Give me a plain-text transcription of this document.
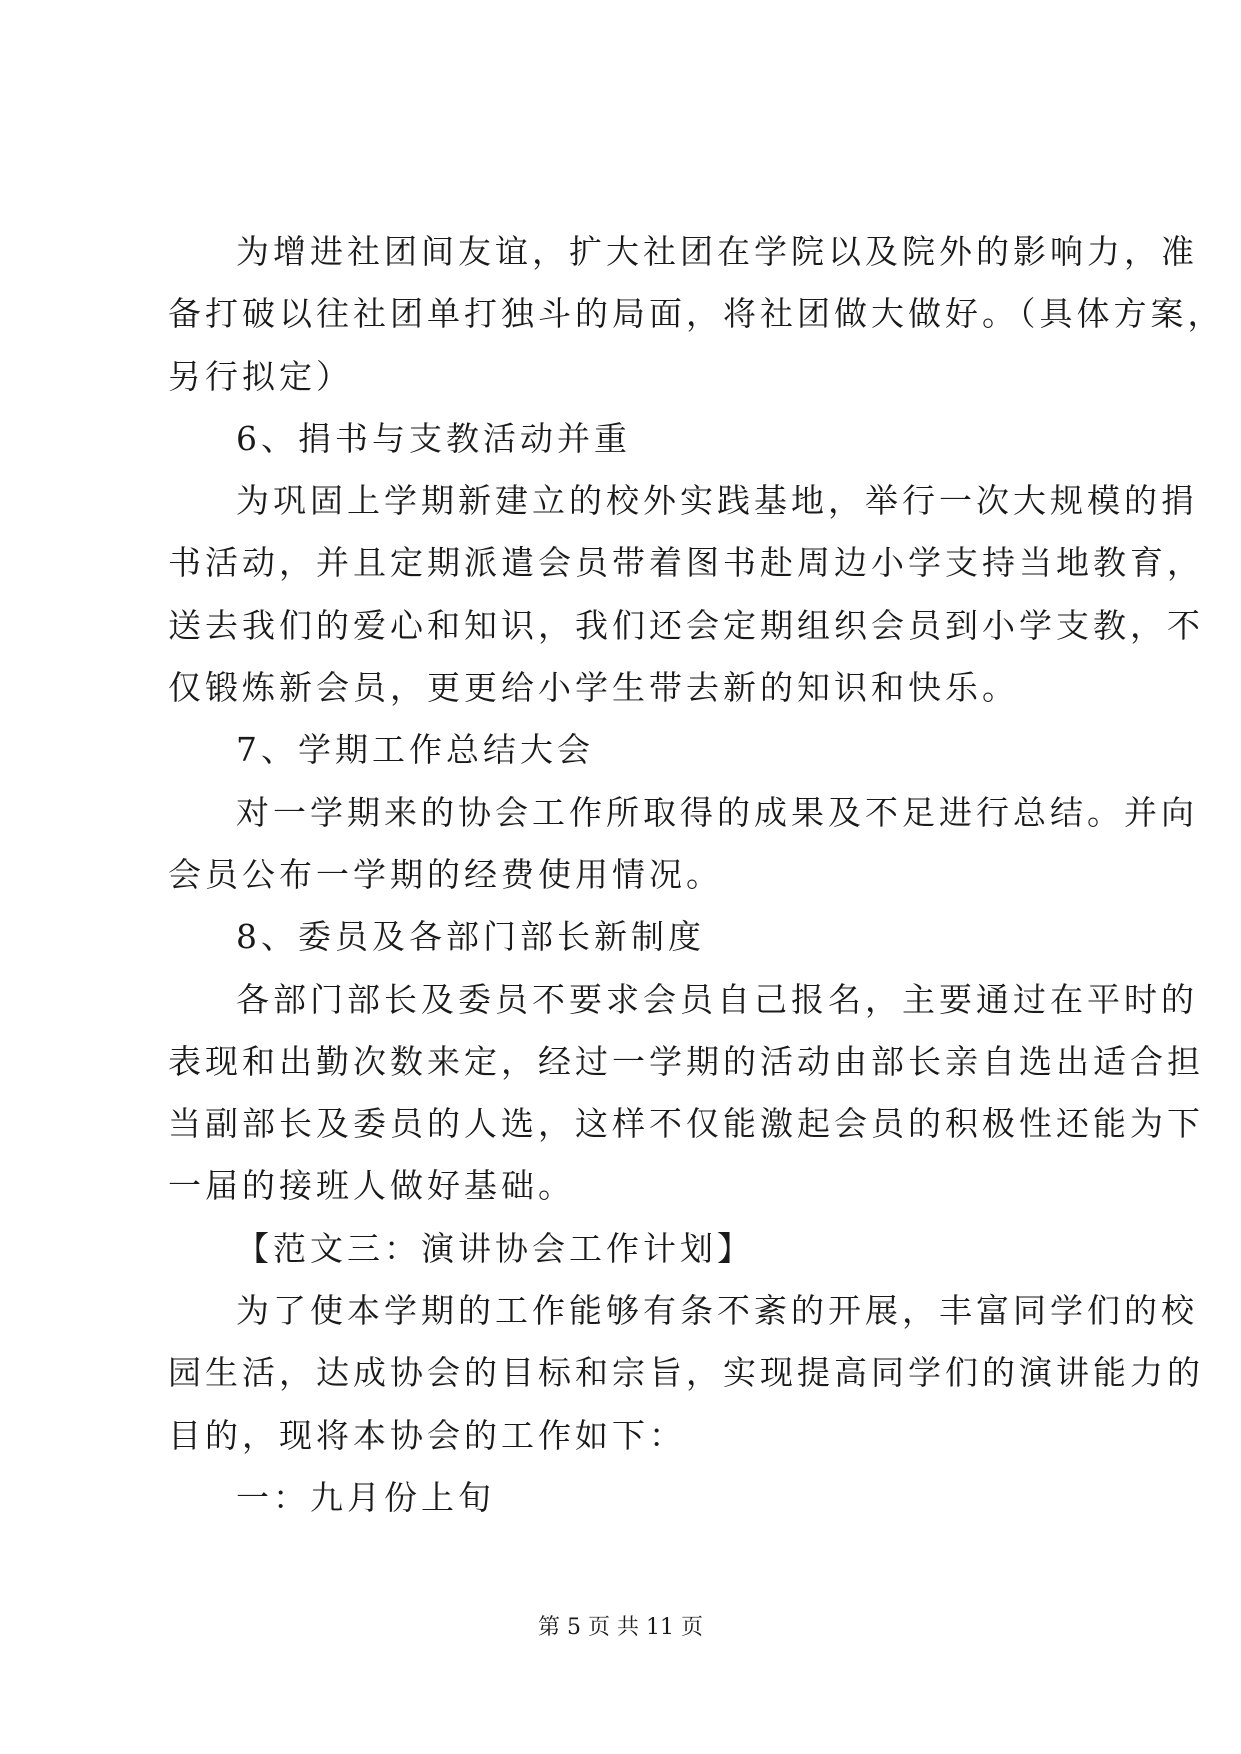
为增进社团间友谊，扩大社团在学院以及院外的影响力，准
备打破以往社团单打独斗的局面，将社团做大做好。（具体方案，
另行拟定）
6、捐书与支教活动并重
为巩固上学期新建立的校外实践基地，举行一次大规模的捐
书活动，并且定期派遣会员带着图书赴周边小学支持当地教育，
送去我们的爱心和知识，我们还会定期组织会员到小学支教，不
仅锻炼新会员，更更给小学生带去新的知识和快乐。
7、学期工作总结大会
对一学期来的协会工作所取得的成果及不足进行总结。并向
会员公布一学期的经费使用情况。
8、委员及各部门部长新制度
各部门部长及委员不要求会员自己报名，主要通过在平时的
表现和出勤次数来定，经过一学期的活动由部长亲自选出适合担
当副部长及委员的人选，这样不仅能激起会员的积极性还能为下
一届的接班人做好基础。
【范文三：演讲协会工作计划】
为了使本学期的工作能够有条不紊的开展，丰富同学们的校
园生活，达成协会的目标和宗旨，实现提高同学们的演讲能力的
目的，现将本协会的工作如下：
一：九月份上旬
第 5 页 共 11 页
